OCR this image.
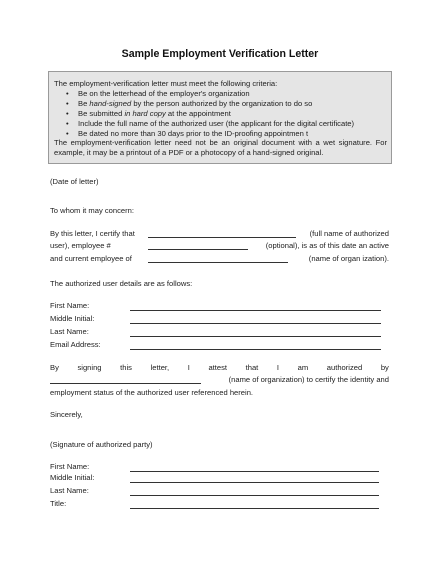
Sample Employment Verification Letter
The employment-verification letter must meet the following criteria:
• Be on the letterhead of the employer's organization
• Be hand-signed by the person authorized by the organization to do so
• Be submitted in hard copy at the appointment
• Include the full name of the authorized user (the applicant for the digital certificate)
• Be dated no more than 30 days prior to the ID-proofing appointmen t
The employment-verification letter need not be an original document with a wet signature. For example, it may be a printout of a PDF or a photocopy of a hand-signed original.
(Date of letter)
To whom it may concern:
By this letter, I certify that	(full name of authorized
user), employee #	(optional), is as of this date an active
and current employee of	(name of organ ization).
The authorized user details are as follows:
First Name:
Middle Initial:
Last Name:
Email Address:
By signing this letter, I attest that I am authorized by
(name of organization) to certify the identity and
employment status of the authorized user referenced herein.
Sincerely,
(Signature of authorized party)
First Name:
Middle Initial:
Last Name:
Title:
